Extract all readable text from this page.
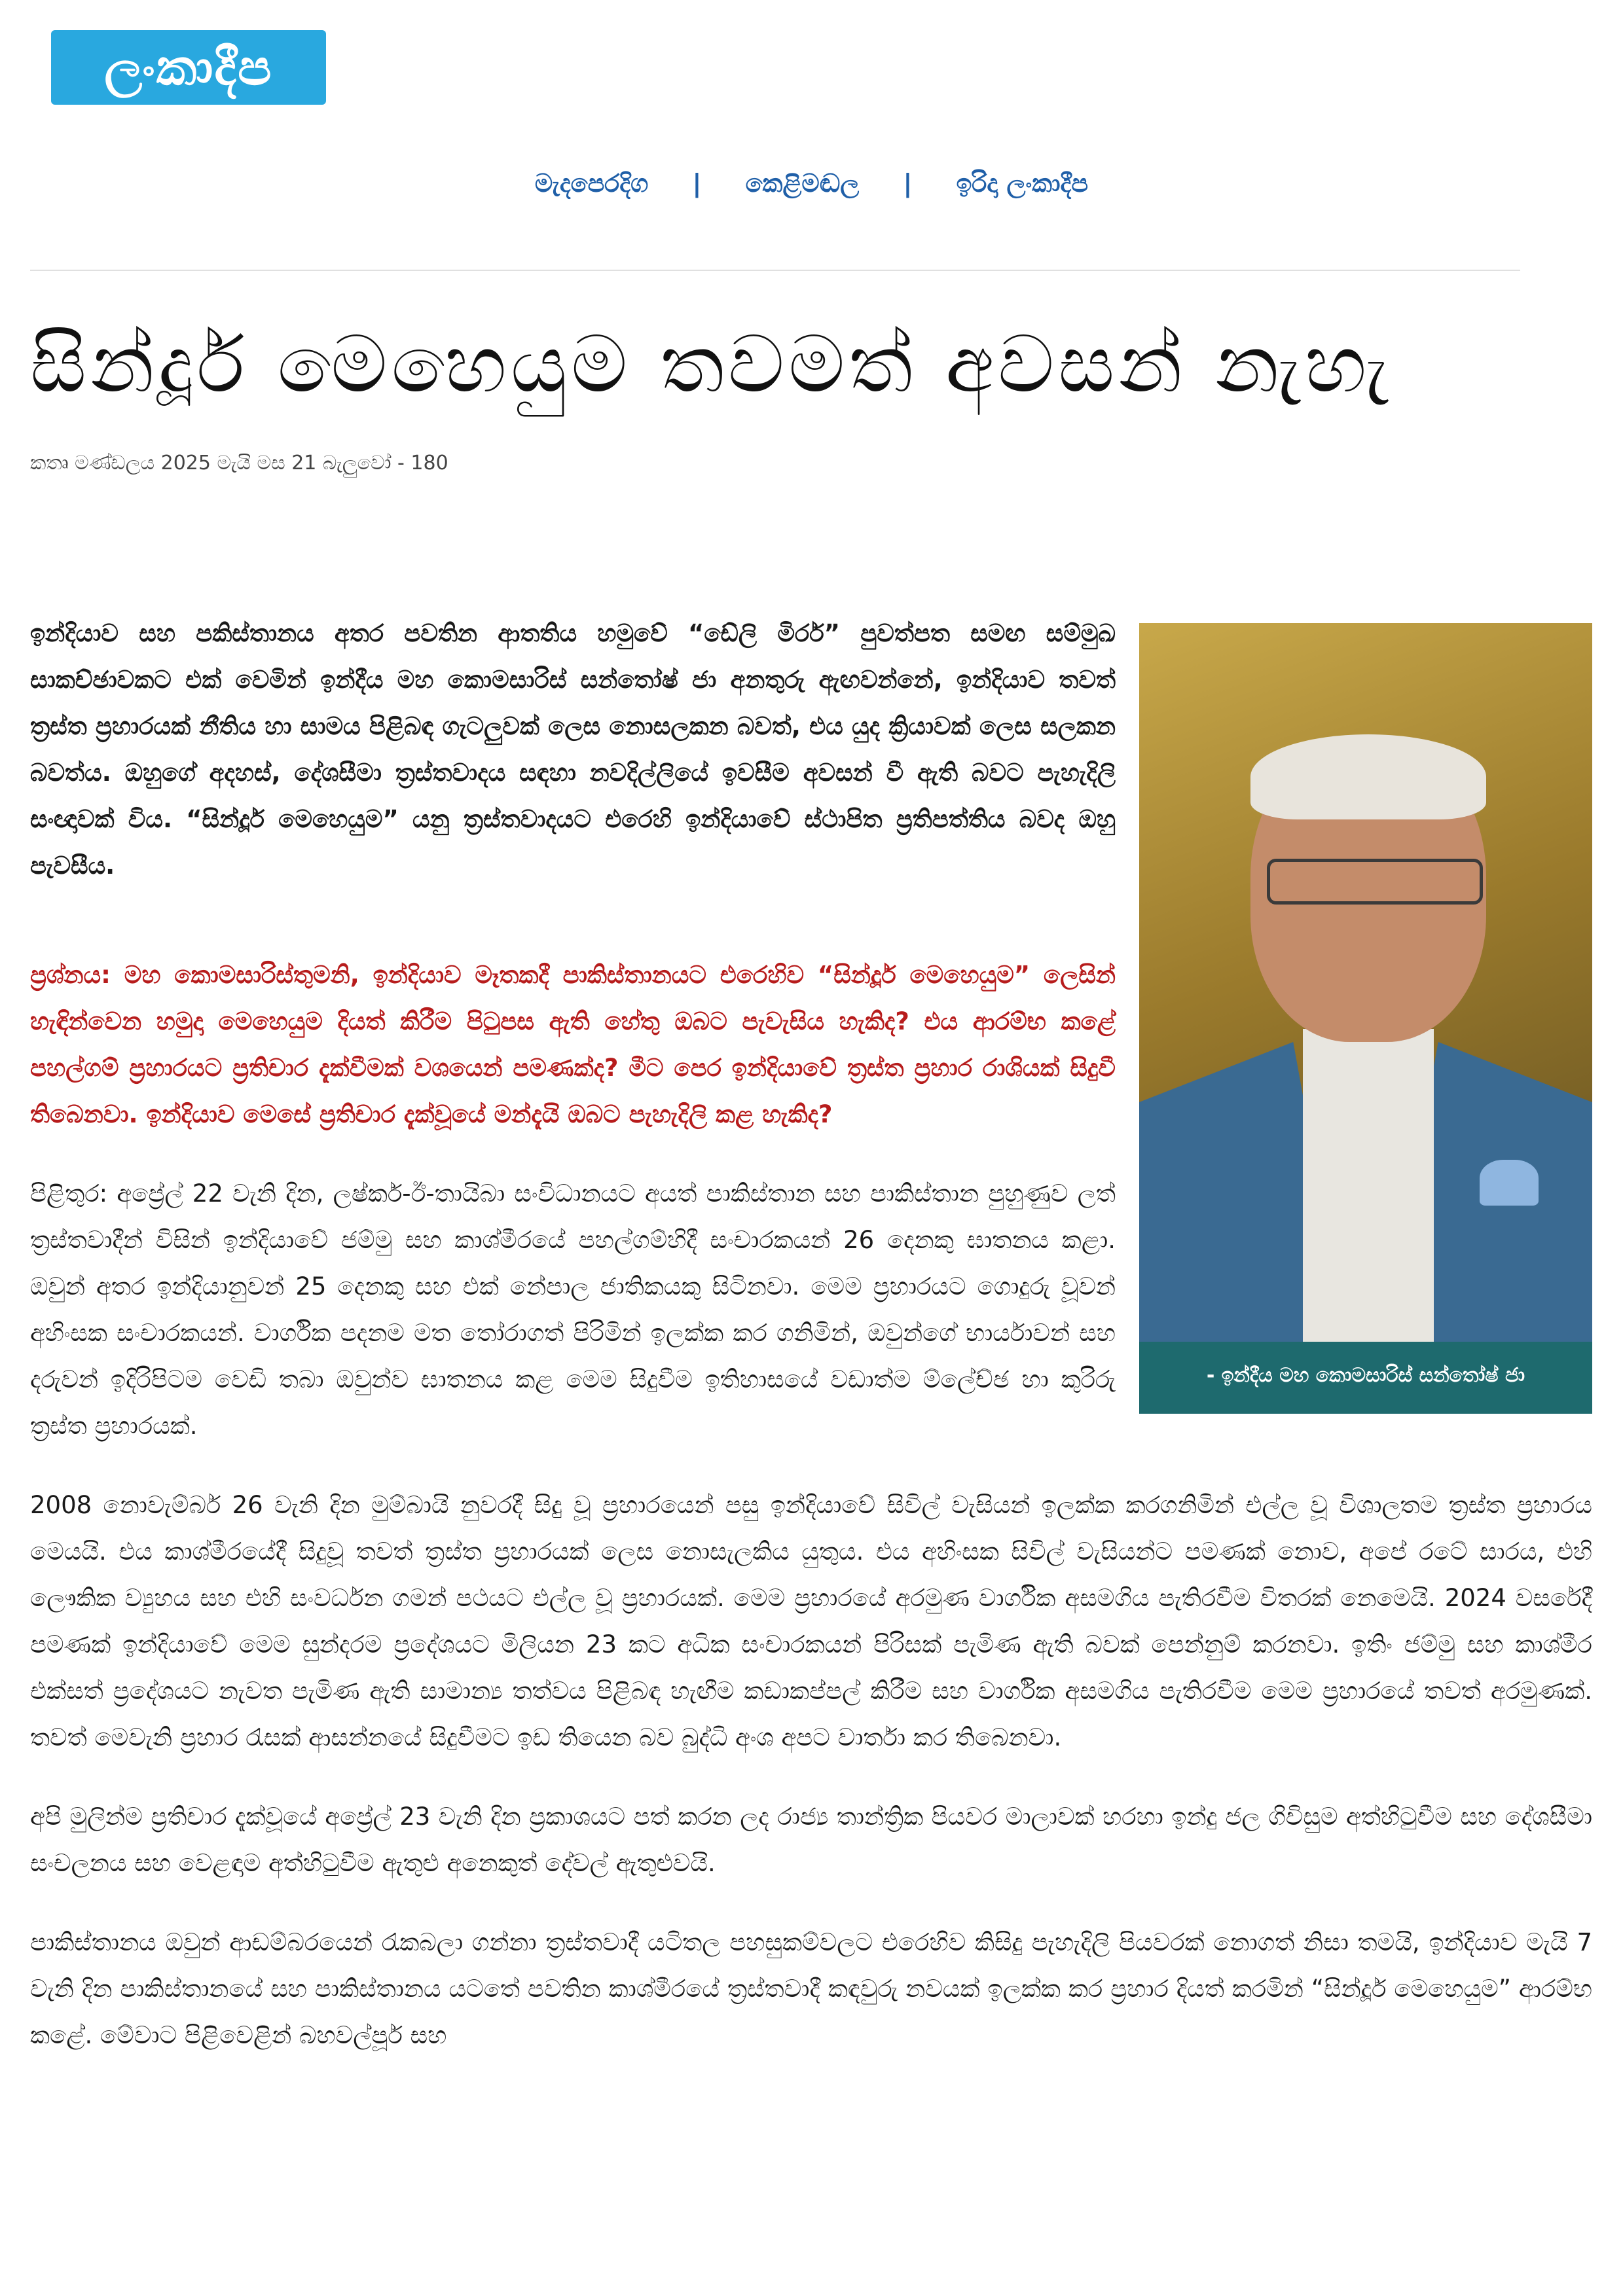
ලංකාදීප
මැදපෙරදිග | කෙළිමඬල | ඉරිදා ලංකාදීප
සින්දූර් මෙහෙයුම තවමත් අවසන් නැහැ
කතෘ මණ්ඩලය 2025 මැයි මස 21 බැලුවෝ - 180
- ඉන්දීය මහ කොමසාරිස් සන්තෝෂ් ජා

ඉන්දියාව සහ පකිස්තානය අතර පවතින ආතතිය හමුවේ “ඩේලි මිරර්” පුවත්පත සමඟ සම්මුඛ සාකච්ඡාවකට එක් වෙමින් ඉන්දීය මහ කොමසාරිස් සන්තෝෂ් ජා අනතුරු ඇඟවන්නේ, ඉන්දියාව තවත් ත්‍රස්ත ප්‍රහාරයක් නීතිය හා සාමය පිළිබඳ ගැටලුවක් ලෙස නොසලකන බවත්, එය යුද ක්‍රියාවක් ලෙස සලකන බවත්ය. ඔහුගේ අදහස්, දේශසීමා ත්‍රස්තවාදය සඳහා නවදිල්ලියේ ඉවසීම අවසන් වී ඇති බවට පැහැදිලි සංඥාවක් විය. “සින්දූර් මෙහෙයුම” යනු ත්‍රස්තවාදයට එරෙහි ඉන්දියාවේ ස්ථාපිත ප්‍රතිපත්තිය බවද ඔහු පැවසීය.

ප්‍රශ්නය: මහ කොමසාරිස්තුමනි, ඉන්දියාව මෑතකදී පාකිස්තානයට එරෙහිව “සින්දූර් මෙහෙයුම” ලෙසින් හැඳින්වෙන හමුදා මෙහෙයුම දියත් කිරීම පිටුපස ඇති හේතු ඔබට පැවැසිය හැකිද? එය ආරම්භ කළේ පහල්ගම් ප්‍රහාරයට ප්‍රතිචාර දැක්වීමක් වශයෙන් පමණක්ද? මීට පෙර ඉන්දියාවේ ත්‍රස්ත ප්‍රහාර රාශියක් සිදුවී තිබෙනවා. ඉන්දියාව මෙසේ ප්‍රතිචාර දැක්වූයේ මන්දැයි ඔබට පැහැදිලි කළ හැකිද?

පිළිතුර: අප්‍රේල් 22 වැනි දින, ලෂ්කර්-ඊ-තායිබා සංවිධානයට අයත් පාකිස්තාන සහ පාකිස්තාන පුහුණුව ලත් ත්‍රස්තවාදීන් විසින් ඉන්දියාවේ ජම්මු සහ කාශ්මීරයේ පහල්ගම්හිදී සංචාරකයන් 26 දෙනකු ඝාතනය කළා. ඔවුන් අතර ඉන්දියානුවන් 25 දෙනකු සහ එක් නේපාල ජාතිකයකු සිටිනවා. මෙම ප්‍රහාරයට ගොදුරු වූවන් අහිංසක සංචාරකයන්. වාර්ගික පදනම මත තෝරාගත් පිරිමින් ඉලක්ක කර ගනිමින්, ඔවුන්ගේ භාර්යාවන් සහ දරුවන් ඉදිරිපිටම වෙඩි තබා ඔවුන්ව ඝාතනය කළ මෙම සිදුවීම ඉතිහාසයේ වඩාත්ම ම්ලේච්ඡ හා කුරිරු ත්‍රස්ත ප්‍රහාරයක්.

2008 නොවැම්බර් 26 වැනි දින මුම්බායි නුවරදී සිදු වූ ප්‍රහාරයෙන් පසු ඉන්දියාවේ සිවිල් වැසියන් ඉලක්ක කරගනිමින් එල්ල වූ විශාලතම ත්‍රස්ත ප්‍රහාරය මෙයයි. එය කාශ්මීරයේදී සිදුවූ තවත් ත්‍රස්ත ප්‍රහාරයක් ලෙස නොසැලකිය යුතුය. එය අහිංසක සිවිල් වැසියන්ට පමණක් නොව, අපේ රටේ සාරය, එහි ලෞකික ව්‍යුහය සහ එහි සංවර්ධන ගමන් පථයට එල්ල වූ ප්‍රහාරයක්. මෙම ප්‍රහාරයේ අරමුණ වාර්ගික අසමගිය පැතිරවීම විතරක් නෙමෙයි. 2024 වසරේදී පමණක් ඉන්දියාවේ මෙම සුන්දරම ප්‍රදේශයට මිලියන 23 කට අධික සංචාරකයන් පිරිසක් පැමිණ ඇති බවක් පෙන්නුම් කරනවා. ඉතිං ජම්මු සහ කාශ්මීර එක්සත් ප්‍රදේශයට නැවත පැමිණ ඇති සාමාන්‍ය තත්වය පිළිබඳ හැඟීම කඩාකප්පල් කිරීම සහ වාර්ගික අසමගිය පැතිරවීම මෙම ප්‍රහාරයේ තවත් අරමුණක්. තවත් මෙවැනි ප්‍රහාර රැසක් ආසන්නයේ සිදුවීමට ඉඩ තියෙන බව බුද්ධි අංශ අපට වාර්තා කර තිබෙනවා.

අපි මුලින්ම ප්‍රතිචාර දැක්වූයේ අප්‍රේල් 23 වැනි දින ප්‍රකාශයට පත් කරන ලද රාජ්‍ය තාන්ත්‍රික පියවර මාලාවක් හරහා ඉන්දු ජල ගිවිසුම අත්හිටුවීම සහ දේශසීමා සංචලනය සහ වෙළඳාම අත්හිටුවීම ඇතුළු අනෙකුත් දේවල් ඇතුළුවයි.

පාකිස්තානය ඔවුන් ආඩම්බරයෙන් රැකබලා ගන්නා ත්‍රස්තවාදී යටිතල පහසුකම්වලට එරෙහිව කිසිදු පැහැදිලි පියවරක් නොගත් නිසා තමයි, ඉන්දියාව මැයි 7 වැනි දින පාකිස්තානයේ සහ පාකිස්තානය යටතේ පවතින කාශ්මීරයේ ත්‍රස්තවාදී කඳවුරු නවයක් ඉලක්ක කර ප්‍රහාර දියත් කරමින් “සින්දූර් මෙහෙයුම” ආරම්භ කළේ. මේවාට පිළිවෙළින් බහවල්පූර් සහ
